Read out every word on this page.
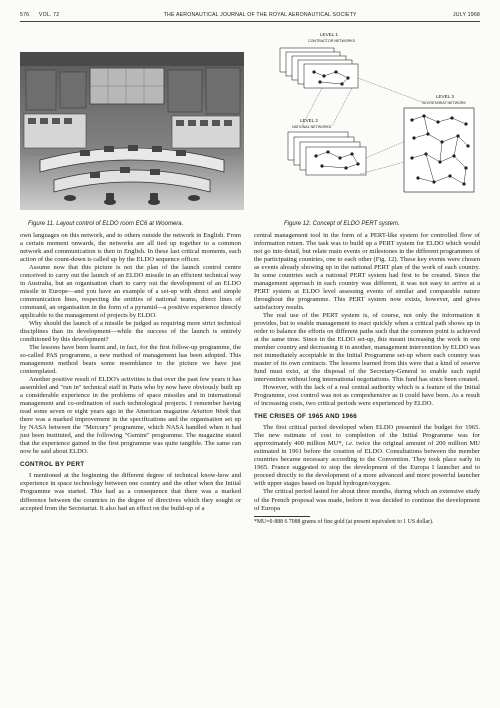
576 VOL. 72	THE AERONAUTICAL JOURNAL OF THE ROYAL AERONAUTICAL SOCIETY	JULY 1968
Figure 11. Layout control of ELDO room EC6 at Woomera.
LEVEL 1
CONTRACTOR NETWORKS
LEVEL 2
NATIONAL NETWORKS
LEVEL 3
SECRETARIAT NETWORK
Figure 12. Concept of ELDO PERT system.

own languages on this network, and to others outside the network in English. From a certain moment onwards, the networks are all tied up together to a common network and communication is then in English. In these last critical moments, each action of the count-down is called up by the ELDO sequence officer.

Assume now that this picture is not the plan of the launch control centre conceived to carry out the launch of an ELDO missile in an efficient technical way in Australia, but an organisation chart to carry out the development of an ELDO missile in Europe—and you have an example of a set-up with direct and simple communication lines, respecting the entities of national teams, direct lines of command, an organisation in the form of a pyramid—a positive experience directly applicable to the management of projects by ELDO.

Why should the launch of a missile be judged as requiring more strict technical disciplines than its development—while the success of the launch is entirely conditioned by this development?

The lessons have been learnt and, in fact, for the first follow-up programme, the so-called PAS programme, a new method of management has been adopted. This management method bears some resemblance to the picture we have just contemplated.

Another positive result of ELDO's activities is that over the past few years it has assembled and "run in" technical staff in Paris who by now have obviously built up a considerable experience in the problems of space missiles and in international management and co-ordination of such technological projects. I remember having read some seven or eight years ago in the American magazine Aviation Week that there was a marked improvement in the specifications and the organisation set up by NASA between the "Mercury" programme, which NASA handled when it had just been instituted, and the following "Gemini" programme. The magazine stated that the experience gained in the first programme was quite tangible. The same can now be said about ELDO.

CONTROL BY PERT

I mentioned at the beginning the different degree of technical know-how and experience in space technology between one country and the other when the Initial Programme was started. This had as a consequence that there was a marked difference between the countries in the degree of directives which they sought or accepted from the Secretariat. It also had an effect on the build-up of a

central management tool in the form of a PERT-like system for controlled flow of information return. The task was to build up a PERT system for ELDO which would not go into detail, but relate main events or milestones in the different programmes of the participating countries, one to each other (Fig. 12). These key events were chosen as events already showing up in the national PERT plan of the work of each country. In some countries such a national PERT system had first to be created. Since the management approach in each country was different, it was not easy to arrive at a PERT system at ELDO level assessing events of similar and comparable nature throughout the programme. This PERT system now exists, however, and gives satisfactory results.

The real use of the PERT system is, of course, not only the information it provides, but to enable management to react quickly when a critical path shows up in order to balance the efforts on different paths such that the common point is achieved at the same time. Since in the ELDO set-up, this meant increasing the work in one member country and decreasing it in another, management intervention by ELDO was not immediately acceptable in the Initial Programme set-up where each country was master of its own contracts. The lessons learned from this were that a kind of reserve fund must exist, at the disposal of the Secretary-General to enable such rapid intervention without long international negotiations. This fund has since been created.

However, with the lack of a real central authority which is a feature of the Initial Programme, cost control was not as comprehensive as it could have been. As a result of increasing costs, two critical periods were experienced by ELDO.

THE CRISES OF 1965 AND 1966

The first critical period developed when ELDO presented the budget for 1965. The new estimate of cost to completion of the Initial Programme was for approximately 400 million MU*, i.e. twice the original amount of 200 million MU estimated in 1961 before the creation of ELDO. Consultations between the member countries became necessary according to the Convention. They took place early in 1965. France suggested to stop the development of the Europa I launcher and to proceed directly to the development of a more advanced and more powerful launcher with upper stages based on liquid hydrogen/oxygen.

The critical period lasted for about three months, during which an extensive study of the French proposal was made, before it was decided to continue the development of Europa

*MU=0·888 6 7088 grams of fine gold (at present equivalent to 1 US dollar).
